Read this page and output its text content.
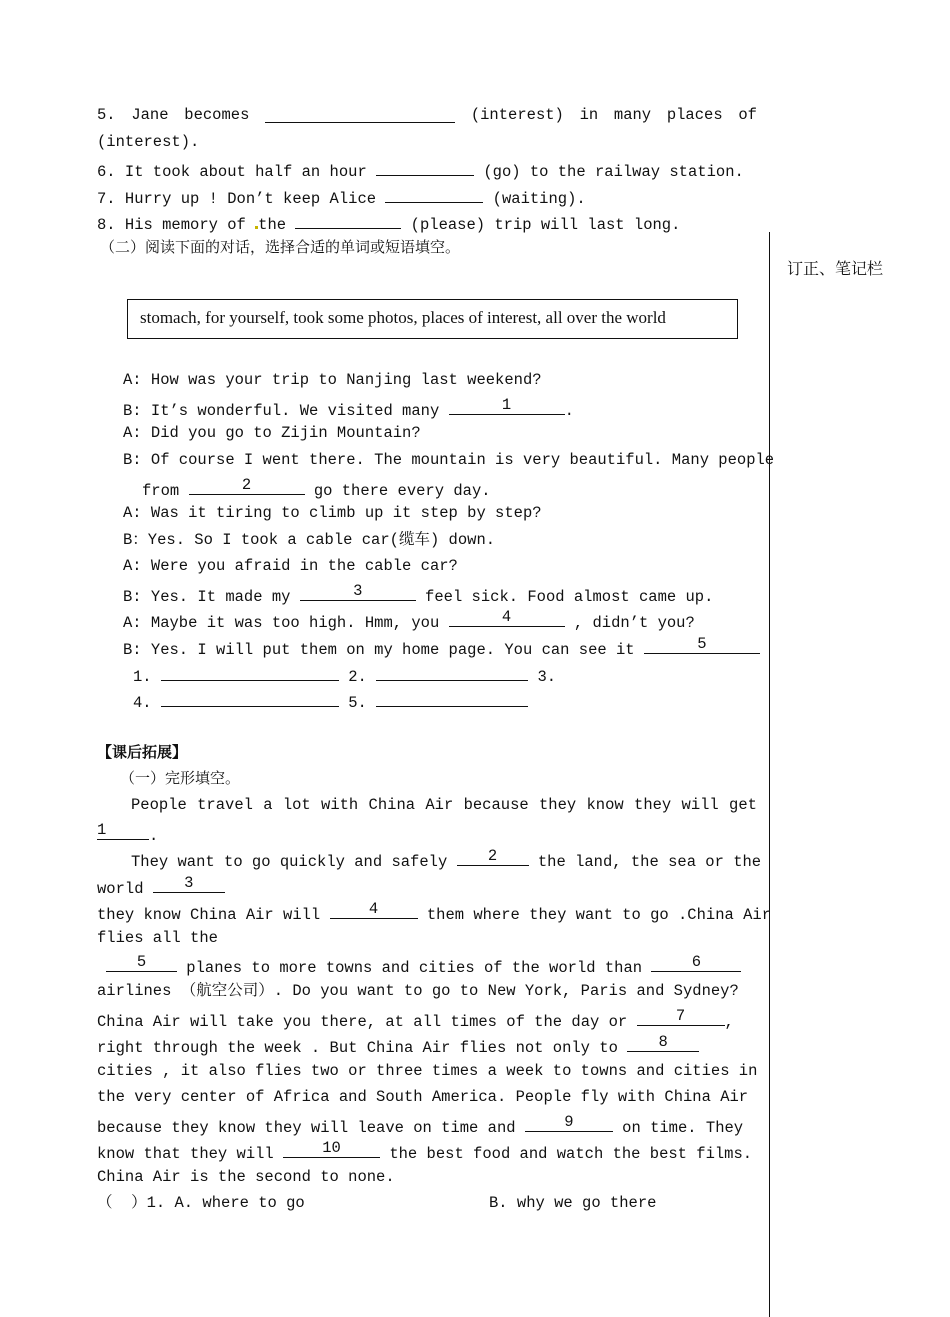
订正、笔记栏
5. Jane becomes	(interest) in many places of
(interest).
6. It took about half an hour	(go) to the railway station.
7. Hurry up ! Don’t keep Alice	(waiting).
8. His memory of the	(please) trip will last long.
（二）阅读下面的对话，选择合适的单词或短语填空。
stomach, for yourself, took some photos, places of interest, all over the world
A: How was your trip to Nanjing last weekend?
B: It’s wonderful. We visited many	1	.
A: Did you go to Zijin Mountain?
B: Of course I went there. The mountain is very beautiful. Many people
from	2	go there every day.
A: Was it tiring to climb up it step by step?
B：Yes. So I took a cable car(缆车) down.
A: Were you afraid in the cable car?
B: Yes. It made my	3	feel sick. Food almost came up.
A: Maybe it was too high. Hmm, you	4	, didn’t you?
B: Yes. I will put them on my home page. You can see it	5
1.	2.	3.
4.	5.
【课后拓展】
（一）完形填空。
People travel a lot with China Air because they know they will get
1	.
They want to go quickly and safely	2	the land, the sea or the
world	3
they know China Air will	4	them where they want to go .China Air
flies all the
5	planes to more towns and cities of the world than	6
airlines （航空公司）. Do you want to go to New York, Paris and Sydney?
China Air will take you there, at all times of the day or	7	,
right through the week . But China Air flies not only to	8
cities , it also flies two or three times a week to towns and cities in
the very center of Africa and South America. People fly with China Air
because they know they will leave on time and	9	on time. They
know that they will	10	the best food and watch the best films.
China Air is the second to none.
（  ）1. A. where to go	B. why we go there
